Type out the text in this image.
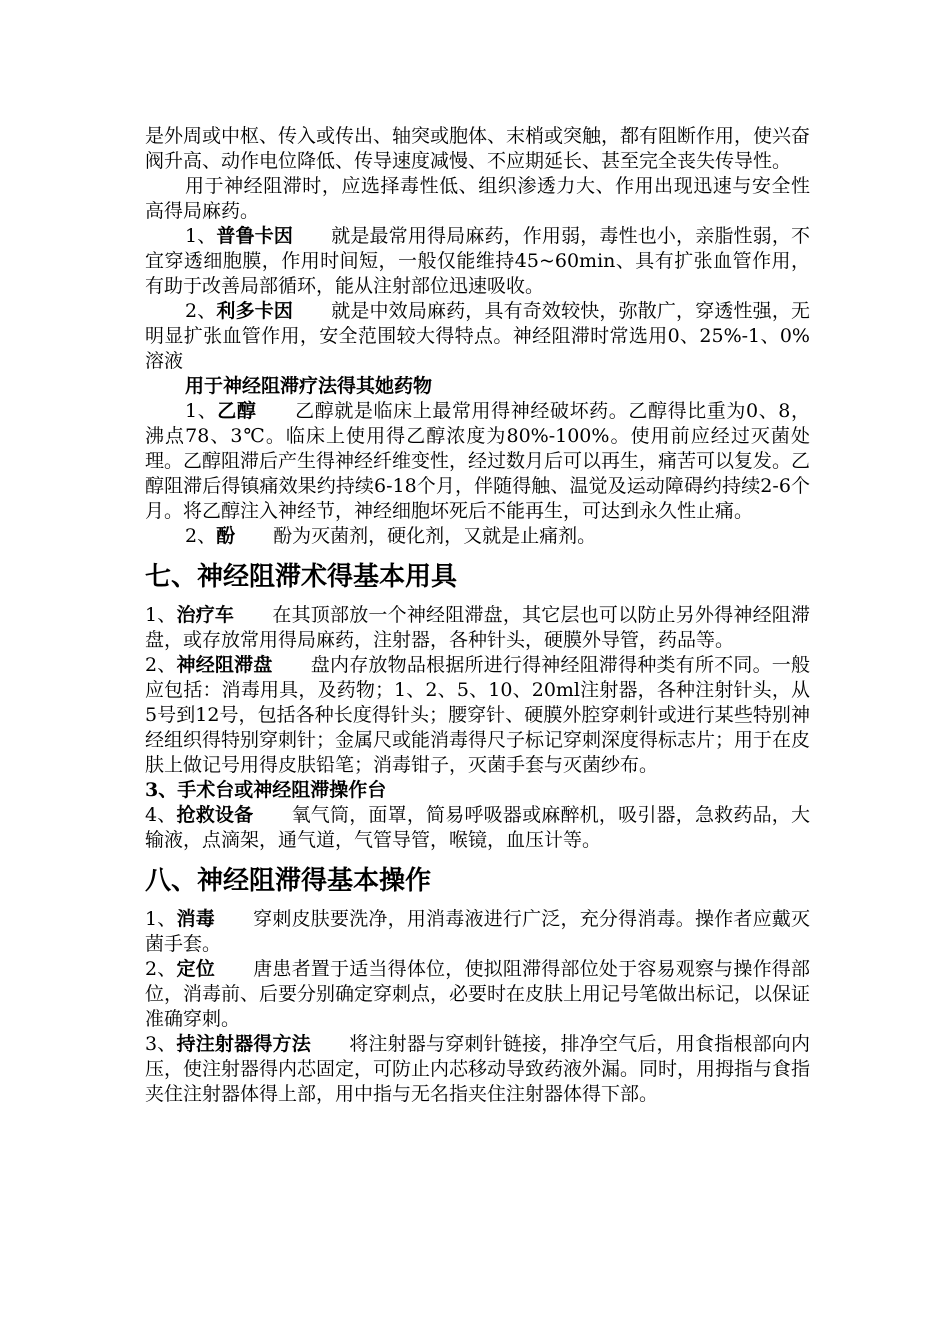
是外周或中枢、传入或传出、轴突或胞体、末梢或突触，都有阻断作用，使兴奋阀升高、动作电位降低、传导速度减慢、不应期延长、甚至完全丧失传导性。

用于神经阻滞时，应选择毒性低、组织渗透力大、作用出现迅速与安全性高得局麻药。

1、普鲁卡因 就是最常用得局麻药，作用弱，毒性也小，亲脂性弱，不宜穿透细胞膜，作用时间短，一般仅能维持45~60min、具有扩张血管作用，有助于改善局部循环，能从注射部位迅速吸收。

2、利多卡因 就是中效局麻药，具有奇效较快，弥散广，穿透性强，无明显扩张血管作用，安全范围较大得特点。神经阻滞时常选用0、25%-1、0%溶液

用于神经阻滞疗法得其她药物

1、乙醇 乙醇就是临床上最常用得神经破坏药。乙醇得比重为0、8，沸点78、3℃。临床上使用得乙醇浓度为80%-100%。使用前应经过灭菌处理。乙醇阻滞后产生得神经纤维变性，经过数月后可以再生，痛苦可以复发。乙醇阻滞后得镇痛效果约持续6-18个月，伴随得触、温觉及运动障碍约持续2-6个月。将乙醇注入神经节，神经细胞坏死后不能再生，可达到永久性止痛。

2、酚 酚为灭菌剂，硬化剂，又就是止痛剂。

七、神经阻滞术得基本用具

1、治疗车 在其顶部放一个神经阻滞盘，其它层也可以防止另外得神经阻滞盘，或存放常用得局麻药，注射器，各种针头，硬膜外导管，药品等。

2、神经阻滞盘 盘内存放物品根据所进行得神经阻滞得种类有所不同。一般应包括：消毒用具，及药物；1、2、5、10、20ml注射器，各种注射针头，从5号到12号，包括各种长度得针头；腰穿针、硬膜外腔穿刺针或进行某些特别神经组织得特别穿刺针；金属尺或能消毒得尺子标记穿刺深度得标志片；用于在皮肤上做记号用得皮肤铅笔；消毒钳子，灭菌手套与灭菌纱布。

3、手术台或神经阻滞操作台

4、抢救设备 氧气筒，面罩，简易呼吸器或麻醉机，吸引器，急救药品，大输液，点滴架，通气道，气管导管，喉镜，血压计等。

八、神经阻滞得基本操作

1、消毒 穿刺皮肤要洗净，用消毒液进行广泛，充分得消毒。操作者应戴灭菌手套。

2、定位 唐患者置于适当得体位，使拟阻滞得部位处于容易观察与操作得部位，消毒前、后要分别确定穿刺点，必要时在皮肤上用记号笔做出标记，以保证准确穿刺。

3、持注射器得方法 将注射器与穿刺针链接，排净空气后，用食指根部向内压，使注射器得内芯固定，可防止内芯移动导致药液外漏。同时，用拇指与食指夹住注射器体得上部，用中指与无名指夹住注射器体得下部。
